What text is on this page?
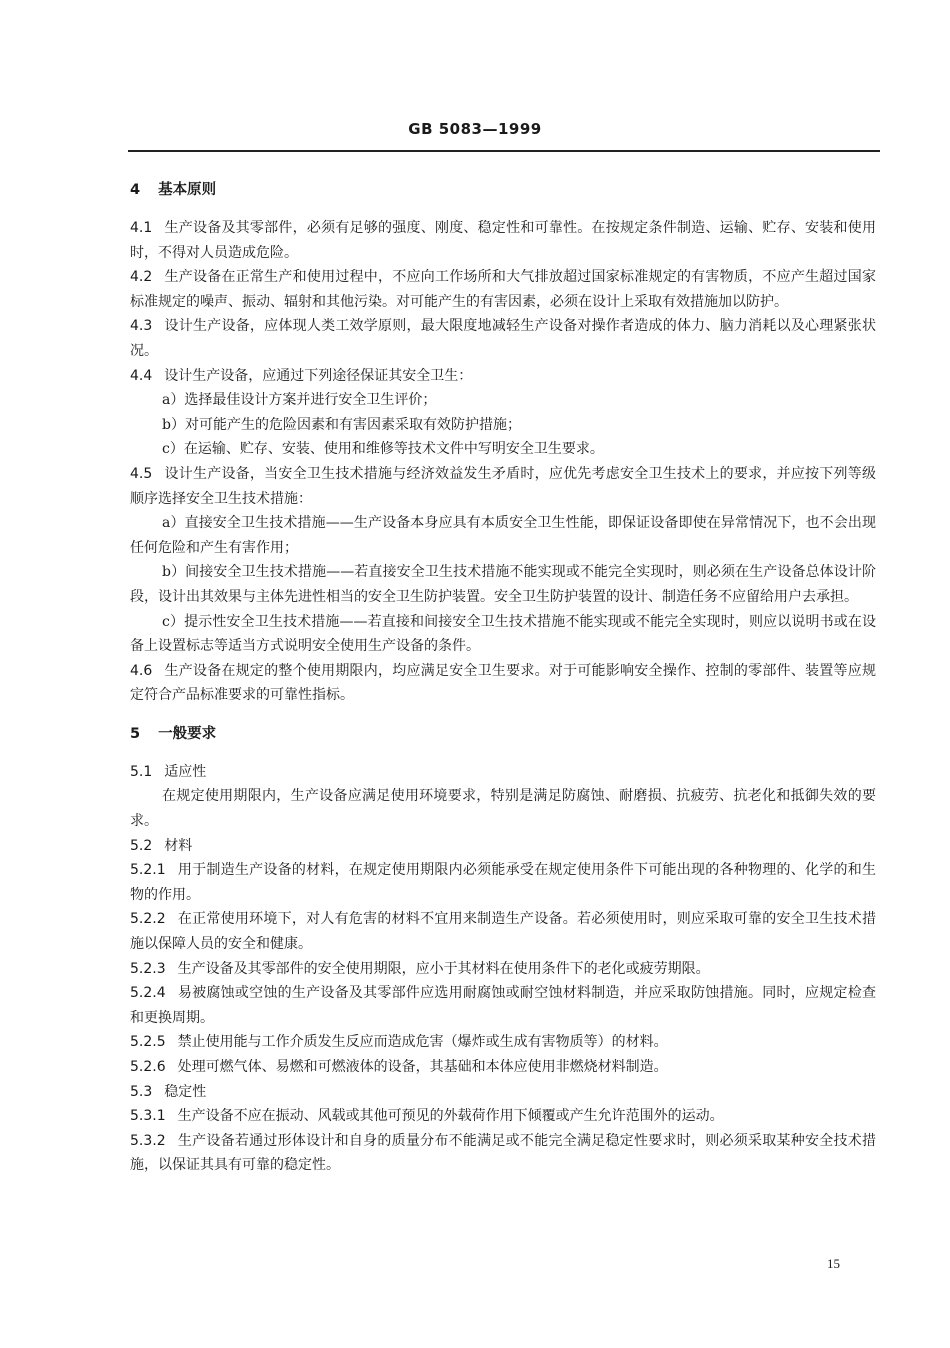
GB 5083—1999
4 基本原则

4.1 生产设备及其零部件，必须有足够的强度、刚度、稳定性和可靠性。在按规定条件制造、运输、贮存、安装和使用时，不得对人员造成危险。

4.2 生产设备在正常生产和使用过程中，不应向工作场所和大气排放超过国家标准规定的有害物质，不应产生超过国家标准规定的噪声、振动、辐射和其他污染。对可能产生的有害因素，必须在设计上采取有效措施加以防护。

4.3 设计生产设备，应体现人类工效学原则，最大限度地减轻生产设备对操作者造成的体力、脑力消耗以及心理紧张状况。

4.4 设计生产设备，应通过下列途径保证其安全卫生：

a）选择最佳设计方案并进行安全卫生评价；

b）对可能产生的危险因素和有害因素采取有效防护措施；

c）在运输、贮存、安装、使用和维修等技术文件中写明安全卫生要求。

4.5 设计生产设备，当安全卫生技术措施与经济效益发生矛盾时，应优先考虑安全卫生技术上的要求，并应按下列等级顺序选择安全卫生技术措施：

a）直接安全卫生技术措施——生产设备本身应具有本质安全卫生性能，即保证设备即使在异常情况下，也不会出现任何危险和产生有害作用；

b）间接安全卫生技术措施——若直接安全卫生技术措施不能实现或不能完全实现时，则必须在生产设备总体设计阶段，设计出其效果与主体先进性相当的安全卫生防护装置。安全卫生防护装置的设计、制造任务不应留给用户去承担。

c）提示性安全卫生技术措施——若直接和间接安全卫生技术措施不能实现或不能完全实现时，则应以说明书或在设备上设置标志等适当方式说明安全使用生产设备的条件。

4.6 生产设备在规定的整个使用期限内，均应满足安全卫生要求。对于可能影响安全操作、控制的零部件、装置等应规定符合产品标准要求的可靠性指标。

5 一般要求

5.1 适应性

在规定使用期限内，生产设备应满足使用环境要求，特别是满足防腐蚀、耐磨损、抗疲劳、抗老化和抵御失效的要求。

5.2 材料

5.2.1 用于制造生产设备的材料，在规定使用期限内必须能承受在规定使用条件下可能出现的各种物理的、化学的和生物的作用。

5.2.2 在正常使用环境下，对人有危害的材料不宜用来制造生产设备。若必须使用时，则应采取可靠的安全卫生技术措施以保障人员的安全和健康。

5.2.3 生产设备及其零部件的安全使用期限，应小于其材料在使用条件下的老化或疲劳期限。

5.2.4 易被腐蚀或空蚀的生产设备及其零部件应选用耐腐蚀或耐空蚀材料制造，并应采取防蚀措施。同时，应规定检查和更换周期。

5.2.5 禁止使用能与工作介质发生反应而造成危害（爆炸或生成有害物质等）的材料。

5.2.6 处理可燃气体、易燃和可燃液体的设备，其基础和本体应使用非燃烧材料制造。

5.3 稳定性

5.3.1 生产设备不应在振动、风载或其他可预见的外载荷作用下倾覆或产生允许范围外的运动。

5.3.2 生产设备若通过形体设计和自身的质量分布不能满足或不能完全满足稳定性要求时，则必须采取某种安全技术措施，以保证其具有可靠的稳定性。

15
